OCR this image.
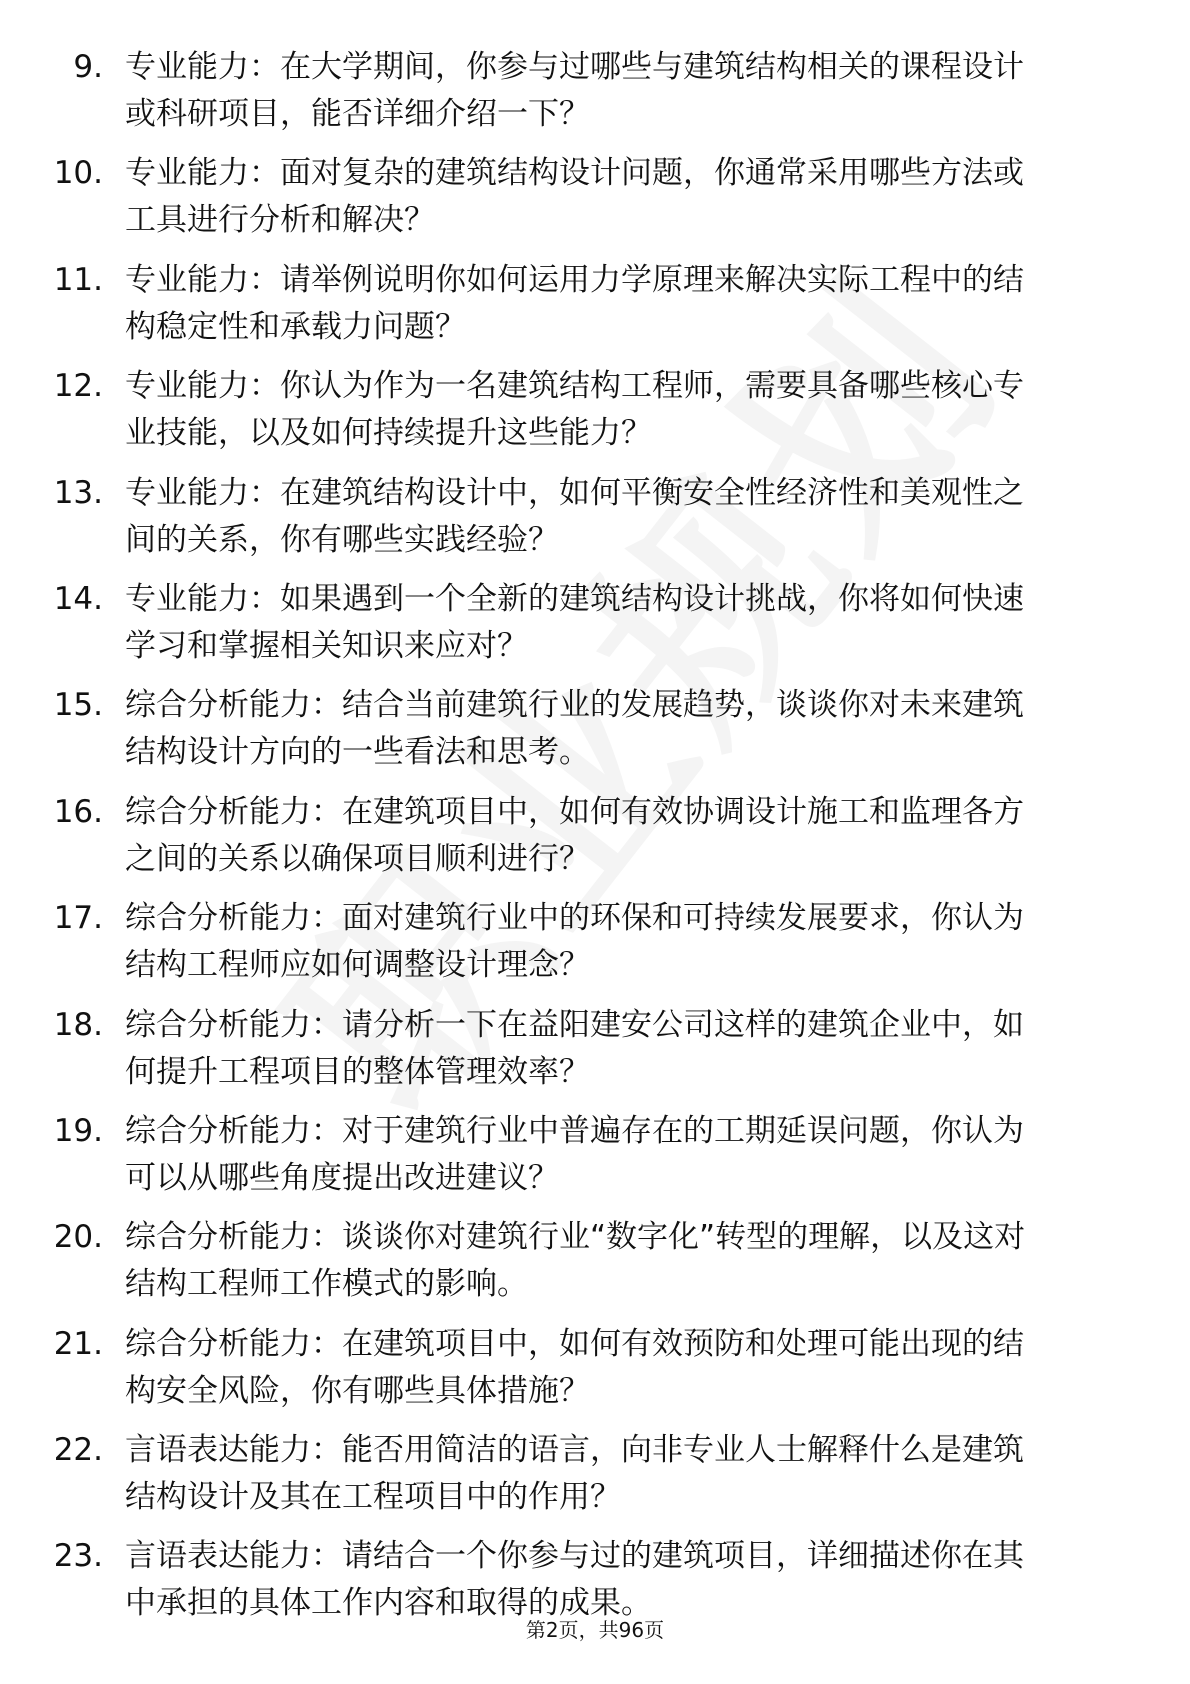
9. 专业能力：在大学期间，你参与过哪些与建筑结构相关的课程设计或科研项目，能否详细介绍一下？
10. 专业能力：面对复杂的建筑结构设计问题，你通常采用哪些方法或工具进行分析和解决？
11. 专业能力：请举例说明你如何运用力学原理来解决实际工程中的结构稳定性和承载力问题？
12. 专业能力：你认为作为一名建筑结构工程师，需要具备哪些核心专业技能，以及如何持续提升这些能力？
13. 专业能力：在建筑结构设计中，如何平衡安全性经济性和美观性之间的关系，你有哪些实践经验？
14. 专业能力：如果遇到一个全新的建筑结构设计挑战，你将如何快速学习和掌握相关知识来应对？
15. 综合分析能力：结合当前建筑行业的发展趋势，谈谈你对未来建筑结构设计方向的一些看法和思考。
16. 综合分析能力：在建筑项目中，如何有效协调设计施工和监理各方之间的关系以确保项目顺利进行？
17. 综合分析能力：面对建筑行业中的环保和可持续发展要求，你认为结构工程师应如何调整设计理念？
18. 综合分析能力：请分析一下在益阳建安公司这样的建筑企业中，如何提升工程项目的整体管理效率？
19. 综合分析能力：对于建筑行业中普遍存在的工期延误问题，你认为可以从哪些角度提出改进建议？
20. 综合分析能力：谈谈你对建筑行业“数字化”转型的理解，以及这对结构工程师工作模式的影响。
21. 综合分析能力：在建筑项目中，如何有效预防和处理可能出现的结构安全风险，你有哪些具体措施？
22. 言语表达能力：能否用简洁的语言，向非专业人士解释什么是建筑结构设计及其在工程项目中的作用？
23. 言语表达能力：请结合一个你参与过的建筑项目，详细描述你在其中承担的具体工作内容和取得的成果。
第2页，共96页
